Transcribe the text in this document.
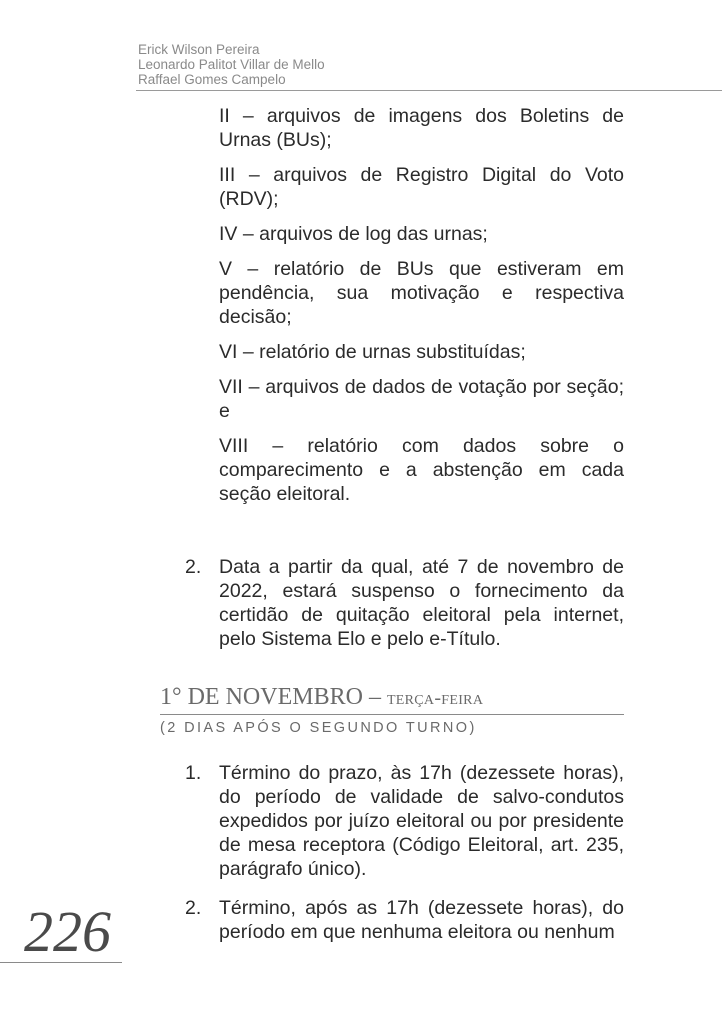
Erick Wilson Pereira
Leonardo Palitot Villar de Mello
Raffael Gomes Campelo

II – arquivos de imagens dos Boletins de Urnas (BUs);

III – arquivos de Registro Digital do Voto (RDV);

IV – arquivos de log das urnas;

V – relatório de BUs que estiveram em pendência, sua motivação e respectiva decisão;

VI – relatório de urnas substituídas;

VII – arquivos de dados de votação por seção; e

VIII – relatório com dados sobre o comparecimento e a abstenção em cada seção eleitoral.

2. Data a partir da qual, até 7 de novembro de 2022, estará suspenso o fornecimento da certidão de quitação eleitoral pela internet, pelo Sistema Elo e pelo e-Título.
1° DE NOVEMBRO – terça-feira
(2 DIAS APÓS O SEGUNDO TURNO)
1. Término do prazo, às 17h (dezessete horas), do período de validade de salvo-condutos expedidos por juízo eleitoral ou por presidente de mesa receptora (Código Eleitoral, art. 235, parágrafo único).
2. Término, após as 17h (dezessete horas), do período em que nenhuma eleitora ou nenhum
226
